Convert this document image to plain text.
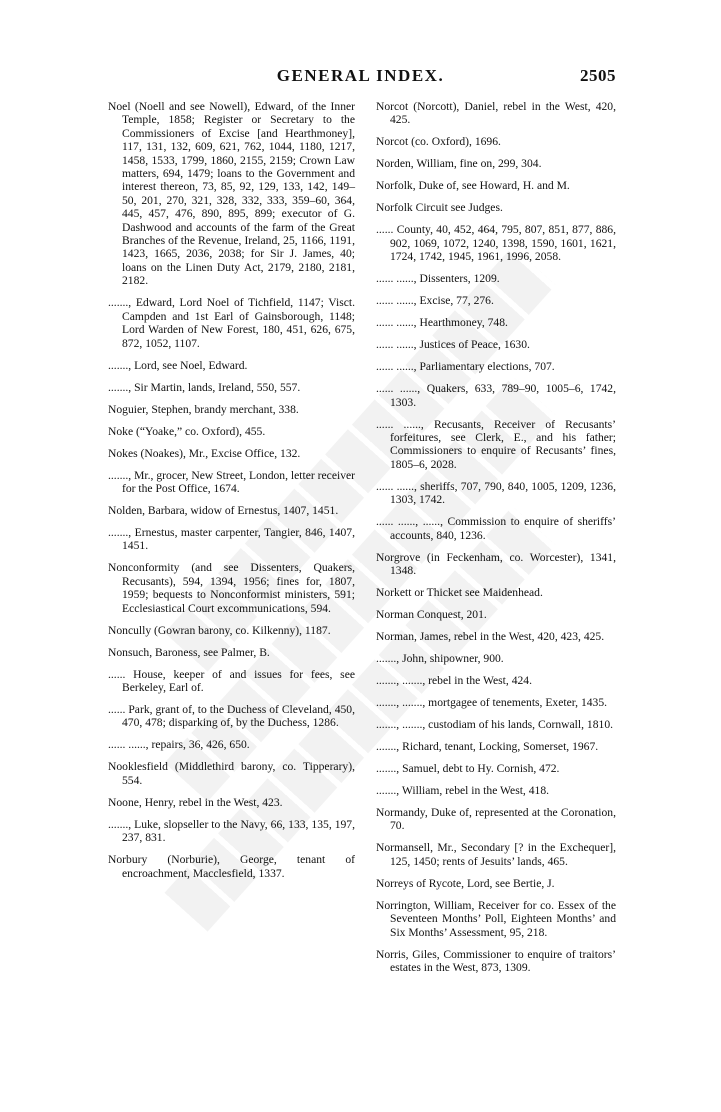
GENERAL INDEX.	2505

Noel (Noell and see Nowell), Edward, of the Inner Temple, 1858; Register or Secretary to the Commissioners of Excise [and Hearthmoney], 117, 131, 132, 609, 621, 762, 1044, 1180, 1217, 1458, 1533, 1799, 1860, 2155, 2159; Crown Law matters, 694, 1479; loans to the Government and interest thereon, 73, 85, 92, 129, 133, 142, 149–50, 201, 270, 321, 328, 332, 333, 359–60, 364, 445, 457, 476, 890, 895, 899; executor of G. Dashwood and accounts of the farm of the Great Branches of the Revenue, Ireland, 25, 1166, 1191, 1423, 1665, 2036, 2038; for Sir J. James, 40; loans on the Linen Duty Act, 2179, 2180, 2181, 2182.

......., Edward, Lord Noel of Tichfield, 1147; Visct. Campden and 1st Earl of Gainsborough, 1148; Lord Warden of New Forest, 180, 451, 626, 675, 872, 1052, 1107.

......., Lord, see Noel, Edward.

......., Sir Martin, lands, Ireland, 550, 557.

Noguier, Stephen, brandy merchant, 338.

Noke (“Yoake,” co. Oxford), 455.

Nokes (Noakes), Mr., Excise Office, 132.

......., Mr., grocer, New Street, London, letter receiver for the Post Office, 1674.

Nolden, Barbara, widow of Ernestus, 1407, 1451.

......., Ernestus, master carpenter, Tangier, 846, 1407, 1451.

Nonconformity (and see Dissenters, Quakers, Recusants), 594, 1394, 1956; fines for, 1807, 1959; bequests to Nonconformist ministers, 591; Ecclesiastical Court excommunications, 594.

Noncully (Gowran barony, co. Kilkenny), 1187.

Nonsuch, Baroness, see Palmer, B.

...... House, keeper of and issues for fees, see Berkeley, Earl of.

...... Park, grant of, to the Duchess of Cleveland, 450, 470, 478; disparking of, by the Duchess, 1286.

...... ......, repairs, 36, 426, 650.

Nooklesfield (Middlethird barony, co. Tipperary), 554.

Noone, Henry, rebel in the West, 423.

......., Luke, slopseller to the Navy, 66, 133, 135, 197, 237, 831.

Norbury (Norburie), George, tenant of encroachment, Macclesfield, 1337.

Norcot (Norcott), Daniel, rebel in the West, 420, 425.

Norcot (co. Oxford), 1696.

Norden, William, fine on, 299, 304.

Norfolk, Duke of, see Howard, H. and M.

Norfolk Circuit see Judges.

...... County, 40, 452, 464, 795, 807, 851, 877, 886, 902, 1069, 1072, 1240, 1398, 1590, 1601, 1621, 1724, 1742, 1945, 1961, 1996, 2058.

...... ......, Dissenters, 1209.

...... ......, Excise, 77, 276.

...... ......, Hearthmoney, 748.

...... ......, Justices of Peace, 1630.

...... ......, Parliamentary elections, 707.

...... ......, Quakers, 633, 789–90, 1005–6, 1742, 1303.

...... ......, Recusants, Receiver of Recusants’ forfeitures, see Clerk, E., and his father; Commissioners to enquire of Recusants’ fines, 1805–6, 2028.

...... ......, sheriffs, 707, 790, 840, 1005, 1209, 1236, 1303, 1742.

...... ......, ......, Commission to enquire of sheriffs’ accounts, 840, 1236.

Norgrove (in Feckenham, co. Worcester), 1341, 1348.

Norkett or Thicket see Maidenhead.

Norman Conquest, 201.

Norman, James, rebel in the West, 420, 423, 425.

......., John, shipowner, 900.

......., ......., rebel in the West, 424.

......., ......., mortgagee of tenements, Exeter, 1435.

......., ......., custodiam of his lands, Cornwall, 1810.

......., Richard, tenant, Locking, Somerset, 1967.

......., Samuel, debt to Hy. Cornish, 472.

......., William, rebel in the West, 418.

Normandy, Duke of, represented at the Coronation, 70.

Normansell, Mr., Secondary [? in the Exchequer], 125, 1450; rents of Jesuits’ lands, 465.

Norreys of Rycote, Lord, see Bertie, J.

Norrington, William, Receiver for co. Essex of the Seventeen Months’ Poll, Eighteen Months’ and Six Months’ Assessment, 95, 218.

Norris, Giles, Commissioner to enquire of traitors’ estates in the West, 873, 1309.
